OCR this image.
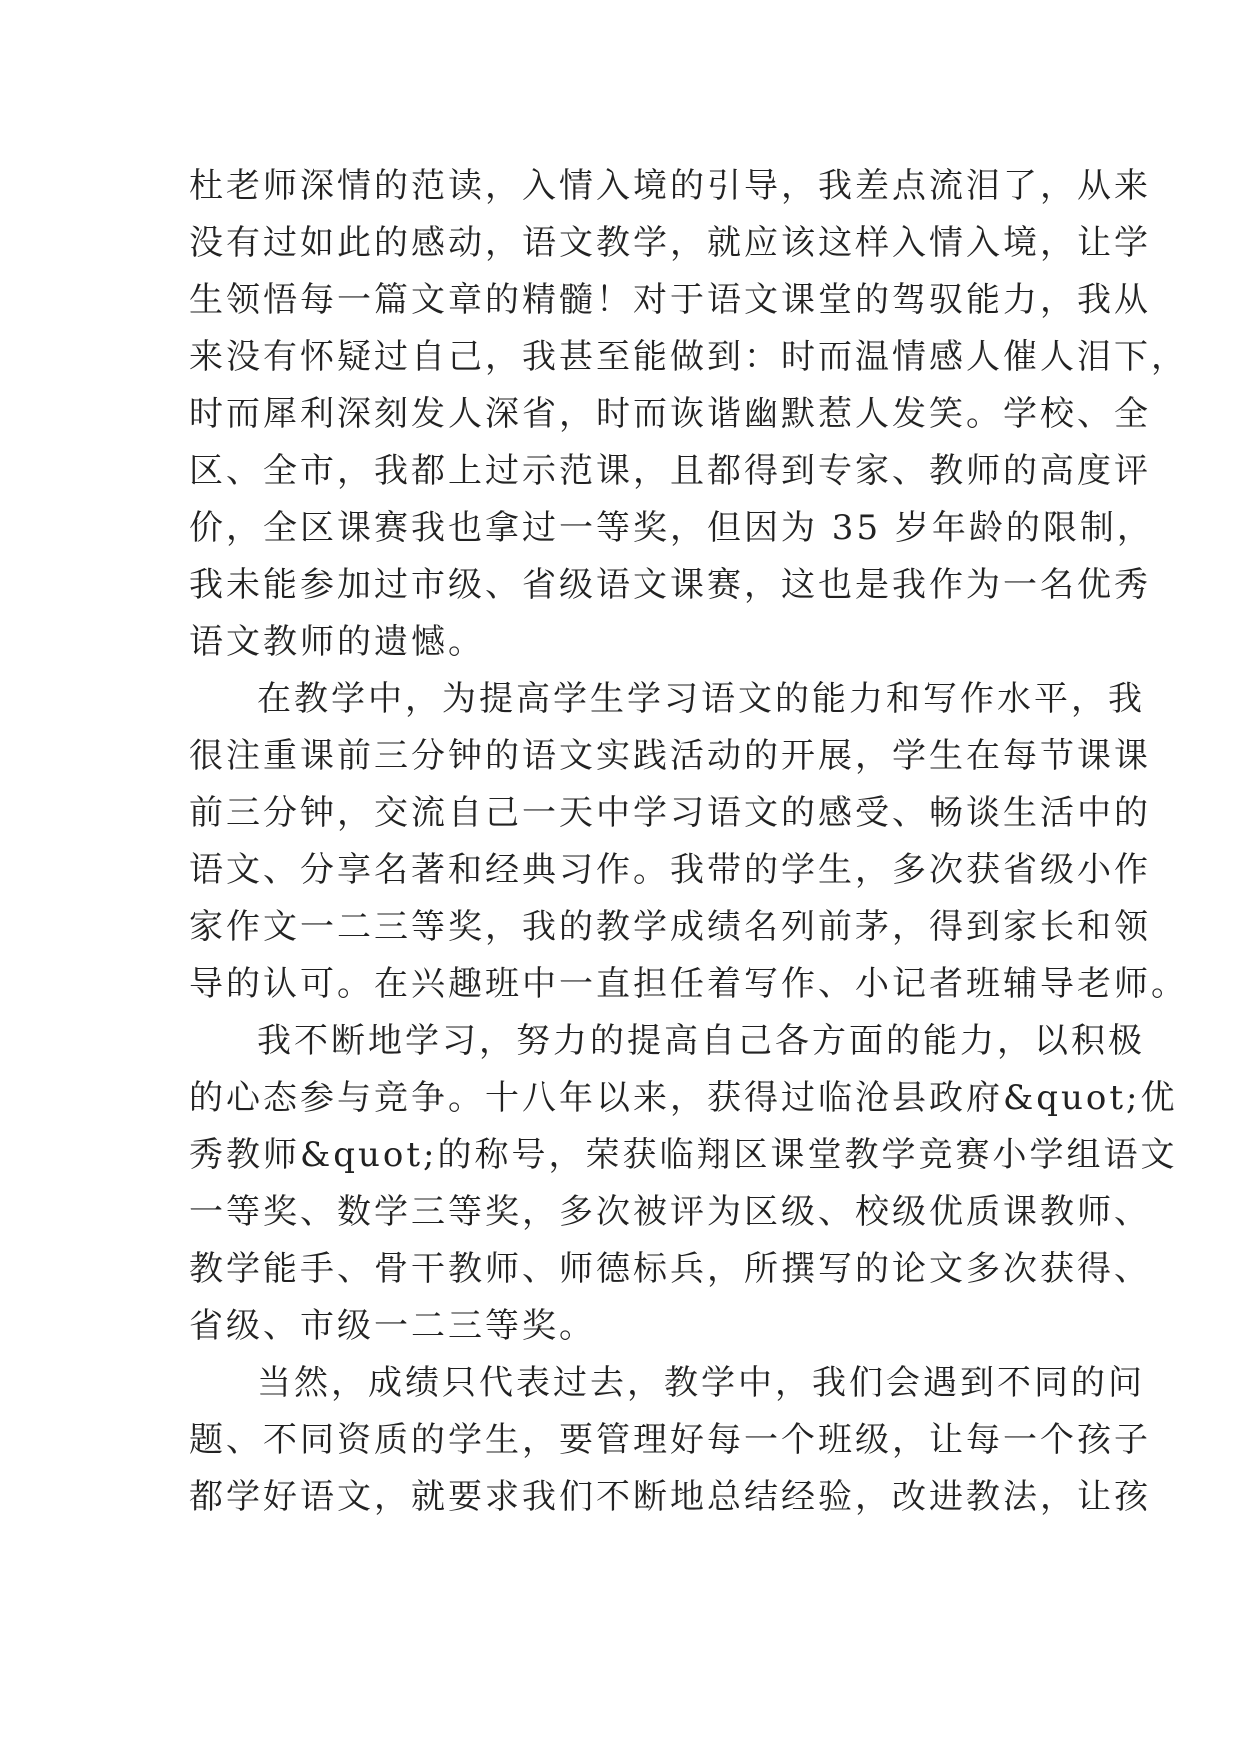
杜老师深情的范读，入情入境的引导，我差点流泪了，从来
没有过如此的感动，语文教学，就应该这样入情入境，让学
生领悟每一篇文章的精髓！对于语文课堂的驾驭能力，我从
来没有怀疑过自己，我甚至能做到：时而温情感人催人泪下，
时而犀利深刻发人深省，时而诙谐幽默惹人发笑。学校、全
区、全市，我都上过示范课，且都得到专家、教师的高度评
价，全区课赛我也拿过一等奖，但因为 35 岁年龄的限制，
我未能参加过市级、省级语文课赛，这也是我作为一名优秀
语文教师的遗憾。
在教学中，为提高学生学习语文的能力和写作水平，我
很注重课前三分钟的语文实践活动的开展，学生在每节课课
前三分钟，交流自己一天中学习语文的感受、畅谈生活中的
语文、分享名著和经典习作。我带的学生，多次获省级小作
家作文一二三等奖，我的教学成绩名列前茅，得到家长和领
导的认可。在兴趣班中一直担任着写作、小记者班辅导老师。
我不断地学习，努力的提高自己各方面的能力，以积极
的心态参与竞争。十八年以来，获得过临沧县政府&quot;优
秀教师&quot;的称号，荣获临翔区课堂教学竞赛小学组语文
一等奖、数学三等奖，多次被评为区级、校级优质课教师、
教学能手、骨干教师、师德标兵，所撰写的论文多次获得、
省级、市级一二三等奖。
当然，成绩只代表过去，教学中，我们会遇到不同的问
题、不同资质的学生，要管理好每一个班级，让每一个孩子
都学好语文，就要求我们不断地总结经验，改进教法，让孩
